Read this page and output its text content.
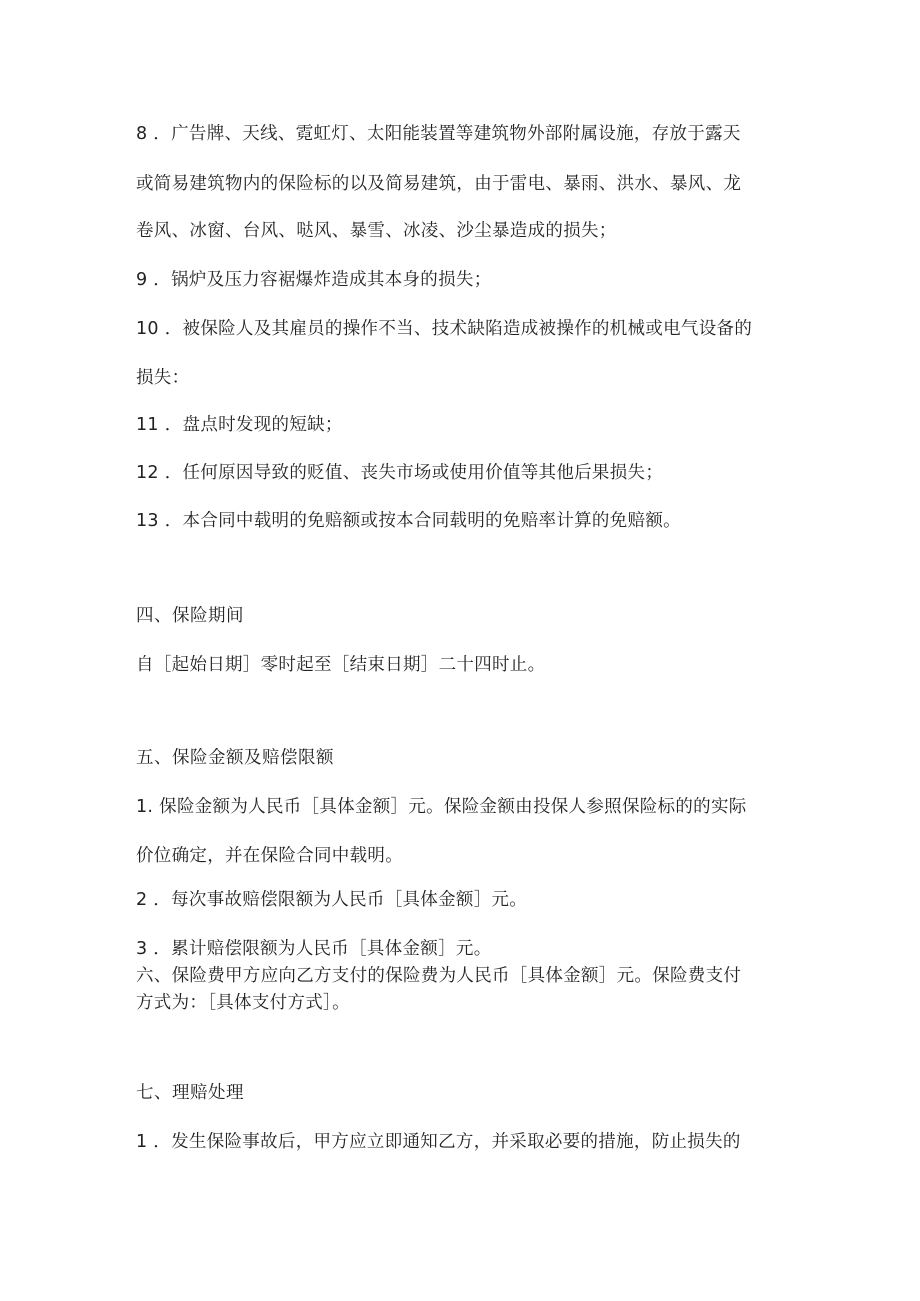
8 ．广告牌、天线、霓虹灯、太阳能装置等建筑物外部附属设施，存放于露天
或简易建筑物内的保险标的以及简易建筑，由于雷电、暴雨、洪水、暴风、龙
卷风、冰窗、台风、哒风、暴雪、冰凌、沙尘暴造成的损失；
9 ．锅炉及压力容裾爆炸造成其本身的损失；
10 ．被保险人及其雇员的操作不当、技术缺陷造成被操作的机械或电气设备的
损失：
11 ．盘点时发现的短缺；
12 ．任何原因导致的贬值、丧失市场或使用价值等其他后果损失；
13 ．本合同中载明的免赔额或按本合同载明的免赔率计算的免赔额。
四、保险期间
自［起始日期］零时起至［结束日期］二十四时止。
五、保险金额及赔偿限额
1. 保险金额为人民币［具体金额］元。保险金额由投保人参照保险标的的实际
价位确定，并在保险合同中载明。
2 ．每次事故赔偿限额为人民币［具体金额］元。
3 ．累计赔偿限额为人民币［具体金额］元。
六、保险费甲方应向乙方支付的保险费为人民币［具体金额］元。保险费支付
方式为：［具体支付方式］。
七、理赔处理
1 ．发生保险事故后，甲方应立即通知乙方，并采取必要的措施，防止损失的
